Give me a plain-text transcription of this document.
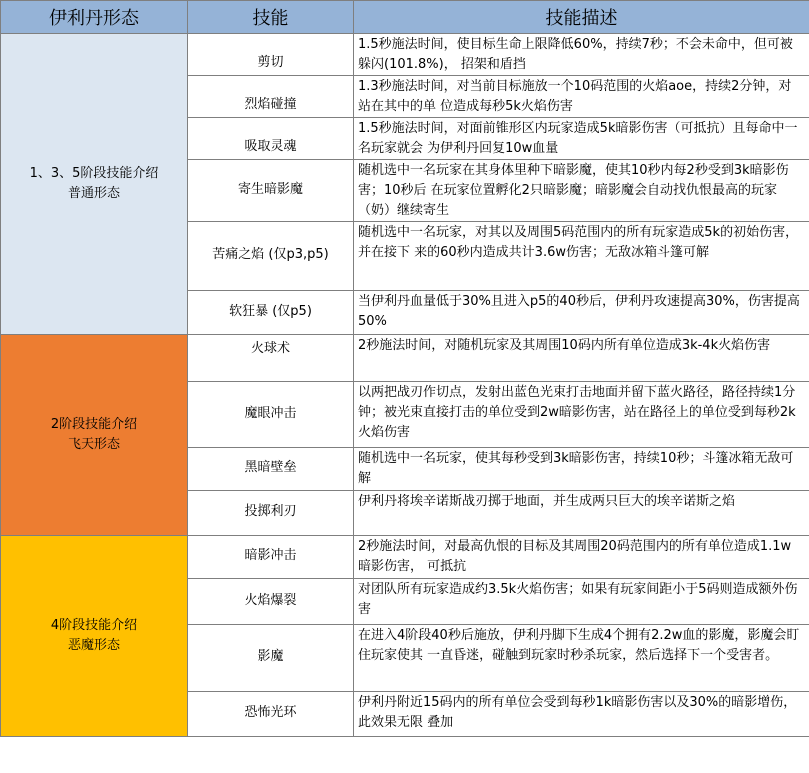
伊利丹形态	技能	技能描述

1、3、5阶段技能介绍
普通形态	剪切	1.5秒施法时间，使目标生命上限降低60%，持续7秒；不会未命中，但可被躲闪(101.8%)， 招架和盾挡
	烈焰碰撞	1.3秒施法时间，对当前目标施放一个10码范围的火焰aoe，持续2分钟，对站在其中的单 位造成每秒5k火焰伤害
	吸取灵魂	1.5秒施法时间，对面前锥形区内玩家造成5k暗影伤害（可抵抗）且每命中一名玩家就会 为伊利丹回复10w血量
	寄生暗影魔	随机选中一名玩家在其身体里种下暗影魔，使其10秒内每2秒受到3k暗影伤害；10秒后 在玩家位置孵化2只暗影魔；暗影魔会自动找仇恨最高的玩家（奶）继续寄生
	苦痛之焰 (仅p3,p5)	随机选中一名玩家，对其以及周围5码范围内的所有玩家造成5k的初始伤害，并在接下 来的60秒内造成共计3.6w伤害；无敌冰箱斗篷可解
	软狂暴 (仅p5)	当伊利丹血量低于30%且进入p5的40秒后，伊利丹攻速提高30%，伤害提高50%

2阶段技能介绍
飞天形态	火球术	2秒施法时间，对随机玩家及其周围10码内所有单位造成3k-4k火焰伤害
	魔眼冲击	以两把战刃作切点，发射出蓝色光束打击地面并留下蓝火路径，路径持续1分钟；被光束直接打击的单位受到2w暗影伤害，站在路径上的单位受到每秒2k火焰伤害
	黑暗壁垒	随机选中一名玩家，使其每秒受到3k暗影伤害，持续10秒；斗篷冰箱无敌可解
	投掷利刃	伊利丹将埃辛诺斯战刃掷于地面，并生成两只巨大的埃辛诺斯之焰

4阶段技能介绍
恶魔形态	暗影冲击	2秒施法时间，对最高仇恨的目标及其周围20码范围内的所有单位造成1.1w暗影伤害， 可抵抗
	火焰爆裂	对团队所有玩家造成约3.5k火焰伤害；如果有玩家间距小于5码则造成额外伤害
	影魔	在进入4阶段40秒后施放，伊利丹脚下生成4个拥有2.2w血的影魔，影魔会盯住玩家使其 一直昏迷，碰触到玩家时秒杀玩家，然后选择下一个受害者。
	恐怖光环	伊利丹附近15码内的所有单位会受到每秒1k暗影伤害以及30%的暗影增伤，此效果无限 叠加
